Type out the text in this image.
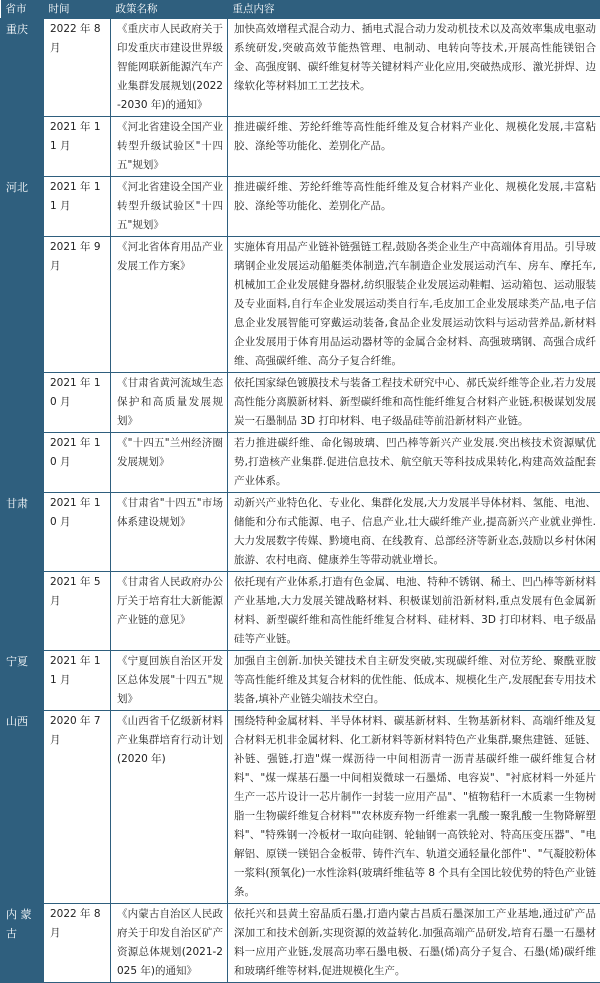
省市	时间	政策名称	重点内容
重庆	2022 年 8 月	《重庆市人民政府关于印发重庆市建设世界级智能网联新能源汽车产业集群发展规划(2022-2030 年)的通知》	加快高效增程式混合动力、插电式混合动力发动机技术以及高效率集成电驱动系统研发,突破高效节能热管理、电制动、电转向等技术,开展高性能镁铝合金、高强度钢、碳纤维复材等关键材料产业化应用,突破热成形、激光拼焊、边缘软化等材料加工工艺技术。
	2021 年 11 月	《河北省建设全国产业转型升级试验区"十四五"规划》	推进碳纤维、芳纶纤维等高性能纤维及复合材料产业化、规模化发展,丰富粘胶、涤纶等功能化、差别化产品。
河北	2021 年 11 月	《河北省建设全国产业转型升级试验区"十四五"规划》	推进碳纤维、芳纶纤维等高性能纤维及复合材料产业化、规模化发展,丰富粘胶、涤纶等功能化、差别化产品。
	2021 年 9 月	《河北省体育用品产业发展工作方案》	实施体育用品产业链补链强链工程,鼓励各类企业生产中高端体育用品。引导玻璃钢企业发展运动船艇类体制造,汽车制造企业发展运动汽车、房车、摩托车,机械加工企业发展健身器材,纺织服装企业发展运动鞋帽、运动箱包、运动服装及专业面料,自行车企业发展运动类自行车,毛皮加工企业发展球类产品,电子信息企业发展智能可穿戴运动装备,食品企业发展运动饮料与运动营养品,新材料企业发展用于体育用品运动器材等的金属合金材料、高强玻璃钢、高强合成纤维、高强碳纤维、高分子复合纤维。
	2021 年 10 月	《甘肃省黄河流域生态保护和高质量发展规划》	依托国家绿色镀膜技术与装备工程技术研究中心、郝氏炭纤维等企业,若力发展高性能分离膜新材料、新型碳纤维和高性能纤维复合材料产业链,积极谋划发展炭一石墨制品 3D 打印材料、电子级晶硅等前沿新材料产业链。
	2021 年 10 月	《"十四五"兰州经济圈发展规划》	若力推进碳纤维、命化锡玻璃、凹凸棒等新兴产业发展.突出核技术资源赋优势,打造核产业集群.促进信息技术、航空航天等科技成果转化,构建高效益配套产业体系。
甘肃	2021 年 10 月	《甘肃省"十四五"市场体系建设规划》	动新兴产业特色化、专业化、集群化发展,大力发展半导体材料、氢能、电池、储能和分布式能源、电子、信息产业,壮大碳纤维产业,提高新兴产业就业弹性.大力发展数字传媒、黔境电商、在线教育、总部经济等新业态,鼓励以乡村休闲旅游、农村电商、健康养生等带动就业增长。
	2021 年 5 月	《甘肃省人民政府办公厅关于培育壮大新能源产业链的意见》	依托现有产业体系,打造有色金属、电池、特种不锈钢、稀土、凹凸棒等新材料产业基地,大力发展关键战略材料、积极谋划前沿新材料,重点发展有色金属新材料、新型碳纤维和高性能纤维复合材料、硅材料、3D 打印材料、电子级晶硅等产业链。
宁夏	2021 年 11 月	《宁夏回族自治区开发区总体发展"十四五"规划》	加强自主创新.加快关键技术自主研发突破,实现碳纤维、对位芳纶、聚酰亚胺等高性能纤维及其复合材料的优性能、低成本、规模化生产,发展配套专用技术装备,填补产业链尖端技术空白。
山西	2020 年 7 月	《山西省千亿级新材料产业集群培育行动计划(2020 年)	围绕特种金属材料、半导体材料、碳基新材料、生物基新材料、高端纤维及复合材料无机非金属材料、化工新材料等新材料特色产业集群,聚焦建链、延链、补链、强链,打造"煤一煤沥待一中间相沥青一沥青基碳纤维一碳纤维复合材料"、"煤一煤基石墨一中间相炭微球一石墨烯、电容炭"、"衬底材料一外延片生产一芯片设计一芯片制作一封装一应用产品"、"植物秸秆一木质素一生物树脂一生物碳纤维复合材料""农林废弃物一纤维素一乳酸一聚乳酸一生物降解塑料"、"特殊钢一冷板材一取向硅钢、轮轴钢一高铁轮对、特高压变压器"、"电解铝、原镁一镁铝合金板带、铸件汽车、轨道交通轻量化部件"、"气凝胶粉体一浆料(预氧化)一水性涂料(玻璃纤维毡等 8 个具有全国比较优势的特色产业链条。
内 蒙古	2022 年 8 月	《内蒙古自治区人民政府关于印发自治区矿产资源总体规划(2021-2025 年)的通知》	依托兴和县黄土窑晶质石墨,打造内蒙古昌质石墨深加工产业基地,通过矿产品深加工和技术创新,实现资源的效益转化.加强高端产品研发,培育石墨一石墨材料一应用产业链,发展高功率石墨电极、石墨(烯)高分子复合、石墨(烯)碳纤维和玻璃纤维等材料,促进规模化生产。
